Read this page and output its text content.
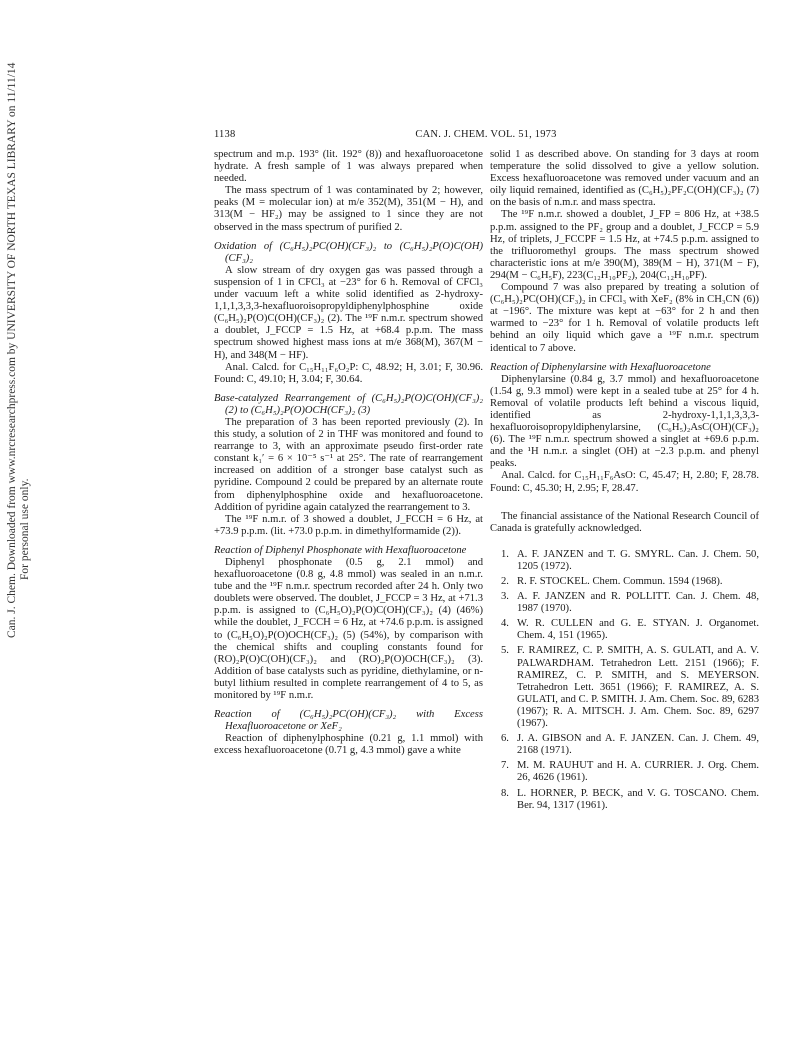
Can. J. Chem. Downloaded from www.nrcresearchpress.com by UNIVERSITY OF NORTH TEXAS LIBRARY on 11/11/14 For personal use only.
1138	CAN. J. CHEM. VOL. 51, 1973

spectrum and m.p. 193° (lit. 192° (8)) and hexafluoroacetone hydrate. A fresh sample of 1 was always prepared when needed.

The mass spectrum of 1 was contaminated by 2; however, peaks (M = molecular ion) at m/e 352(M), 351(M − H), and 313(M − HF₂) may be assigned to 1 since they are not observed in the mass spectrum of purified 2.

Oxidation of (C₆H₅)₂PC(OH)(CF₃)₂ to (C₆H₅)₂P(O)C(OH)(CF₃)₂

A slow stream of dry oxygen gas was passed through a suspension of 1 in CFCl₃ at −23° for 6 h. Removal of CFCl₃ under vacuum left a white solid identified as 2-hydroxy-1,1,1,3,3,3-hexafluoroisopropyldiphenylphosphine oxide (C₆H₅)₂P(O)C(OH)(CF₃)₂ (2). The ¹⁹F n.m.r. spectrum showed a doublet, J_FCCP = 1.5 Hz, at +68.4 p.p.m. The mass spectrum showed highest mass ions at m/e 368(M), 367(M − H), and 348(M − HF).

Anal. Calcd. for C₁₅H₁₁F₆O₂P: C, 48.92; H, 3.01; F, 30.96. Found: C, 49.10; H, 3.04; F, 30.64.

Base-catalyzed Rearrangement of (C₆H₅)₂P(O)C(OH)(CF₃)₂ (2) to (C₆H₅)₂P(O)OCH(CF₃)₂ (3)

The preparation of 3 has been reported previously (2). In this study, a solution of 2 in THF was monitored and found to rearrange to 3, with an approximate pseudo first-order rate constant k₁′ = 6 × 10⁻⁵ s⁻¹ at 25°. The rate of rearrangement increased on addition of a stronger base catalyst such as pyridine. Compound 2 could be prepared by an alternate route from diphenylphosphine oxide and hexafluoroacetone. Addition of pyridine again catalyzed the rearrangement to 3.

The ¹⁹F n.m.r. of 3 showed a doublet, J_FCCH = 6 Hz, at +73.9 p.p.m. (lit. +73.0 p.p.m. in dimethylformamide (2)).

Reaction of Diphenyl Phosphonate with Hexafluoroacetone

Diphenyl phosphonate (0.5 g, 2.1 mmol) and hexafluoroacetone (0.8 g, 4.8 mmol) was sealed in an n.m.r. tube and the ¹⁹F n.m.r. spectrum recorded after 24 h. Only two doublets were observed. The doublet, J_FCCP = 3 Hz, at +71.3 p.p.m. is assigned to (C₆H₅O)₂P(O)C(OH)(CF₃)₂ (4) (46%) while the doublet, J_FCCH = 6 Hz, at +74.6 p.p.m. is assigned to (C₆H₅O)₂P(O)OCH(CF₃)₂ (5) (54%), by comparison with the chemical shifts and coupling constants found for (RO)₂P(O)C(OH)(CF₃)₂ and (RO)₂P(O)OCH(CF₃)₂ (3). Addition of base catalysts such as pyridine, diethylamine, or n-butyl lithium resulted in complete rearrangement of 4 to 5, as monitored by ¹⁹F n.m.r.

Reaction of (C₆H₅)₂PC(OH)(CF₃)₂ with Excess Hexafluoroacetone or XeF₂

Reaction of diphenylphosphine (0.21 g, 1.1 mmol) with excess hexafluoroacetone (0.71 g, 4.3 mmol) gave a white

solid 1 as described above. On standing for 3 days at room temperature the solid dissolved to give a yellow solution. Excess hexafluoroacetone was removed under vacuum and an oily liquid remained, identified as (C₆H₅)₂PF₂C(OH)(CF₃)₂ (7) on the basis of n.m.r. and mass spectra.

The ¹⁹F n.m.r. showed a doublet, J_FP = 806 Hz, at +38.5 p.p.m. assigned to the PF₂ group and a doublet, J_FCCP = 5.9 Hz, of triplets, J_FCCPF = 1.5 Hz, at +74.5 p.p.m. assigned to the trifluoromethyl groups. The mass spectrum showed characteristic ions at m/e 390(M), 389(M − H), 371(M − F), 294(M − C₆H₅F), 223(C₁₂H₁₀PF₂), 204(C₁₂H₁₀PF).

Compound 7 was also prepared by treating a solution of (C₆H₅)₂PC(OH)(CF₃)₂ in CFCl₃ with XeF₂ (8% in CH₃CN (6)) at −196°. The mixture was kept at −63° for 2 h and then warmed to −23° for 1 h. Removal of volatile products left behind an oily liquid which gave a ¹⁹F n.m.r. spectrum identical to 7 above.

Reaction of Diphenylarsine with Hexafluoroacetone

Diphenylarsine (0.84 g, 3.7 mmol) and hexafluoroacetone (1.54 g, 9.3 mmol) were kept in a sealed tube at 25° for 4 h. Removal of volatile products left behind a viscous liquid, identified as 2-hydroxy-1,1,1,3,3,3-hexafluoroisopropyldiphenylarsine, (C₆H₅)₂AsC(OH)(CF₃)₂ (6). The ¹⁹F n.m.r. spectrum showed a singlet at +69.6 p.p.m. and the ¹H n.m.r. a singlet (OH) at −2.3 p.p.m. and phenyl peaks.

Anal. Calcd. for C₁₅H₁₁F₆AsO: C, 45.47; H, 2.80; F, 28.78. Found: C, 45.30; H, 2.95; F, 28.47.

The financial assistance of the National Research Council of Canada is gratefully acknowledged.

1. A. F. JANZEN and T. G. SMYRL. Can. J. Chem. 50, 1205 (1972).
2. R. F. STOCKEL. Chem. Commun. 1594 (1968).
3. A. F. JANZEN and R. POLLITT. Can. J. Chem. 48, 1987 (1970).
4. W. R. CULLEN and G. E. STYAN. J. Organomet. Chem. 4, 151 (1965).
5. F. RAMIREZ, C. P. SMITH, A. S. GULATI, and A. V. PALWARDHAM. Tetrahedron Lett. 2151 (1966); F. RAMIREZ, C. P. SMITH, and S. MEYERSON. Tetrahedron Lett. 3651 (1966); F. RAMIREZ, A. S. GULATI, and C. P. SMITH. J. Am. Chem. Soc. 89, 6283 (1967); R. A. MITSCH. J. Am. Chem. Soc. 89, 6297 (1967).
6. J. A. GIBSON and A. F. JANZEN. Can. J. Chem. 49, 2168 (1971).
7. M. M. RAUHUT and H. A. CURRIER. J. Org. Chem. 26, 4626 (1961).
8. L. HORNER, P. BECK, and V. G. TOSCANO. Chem. Ber. 94, 1317 (1961).
